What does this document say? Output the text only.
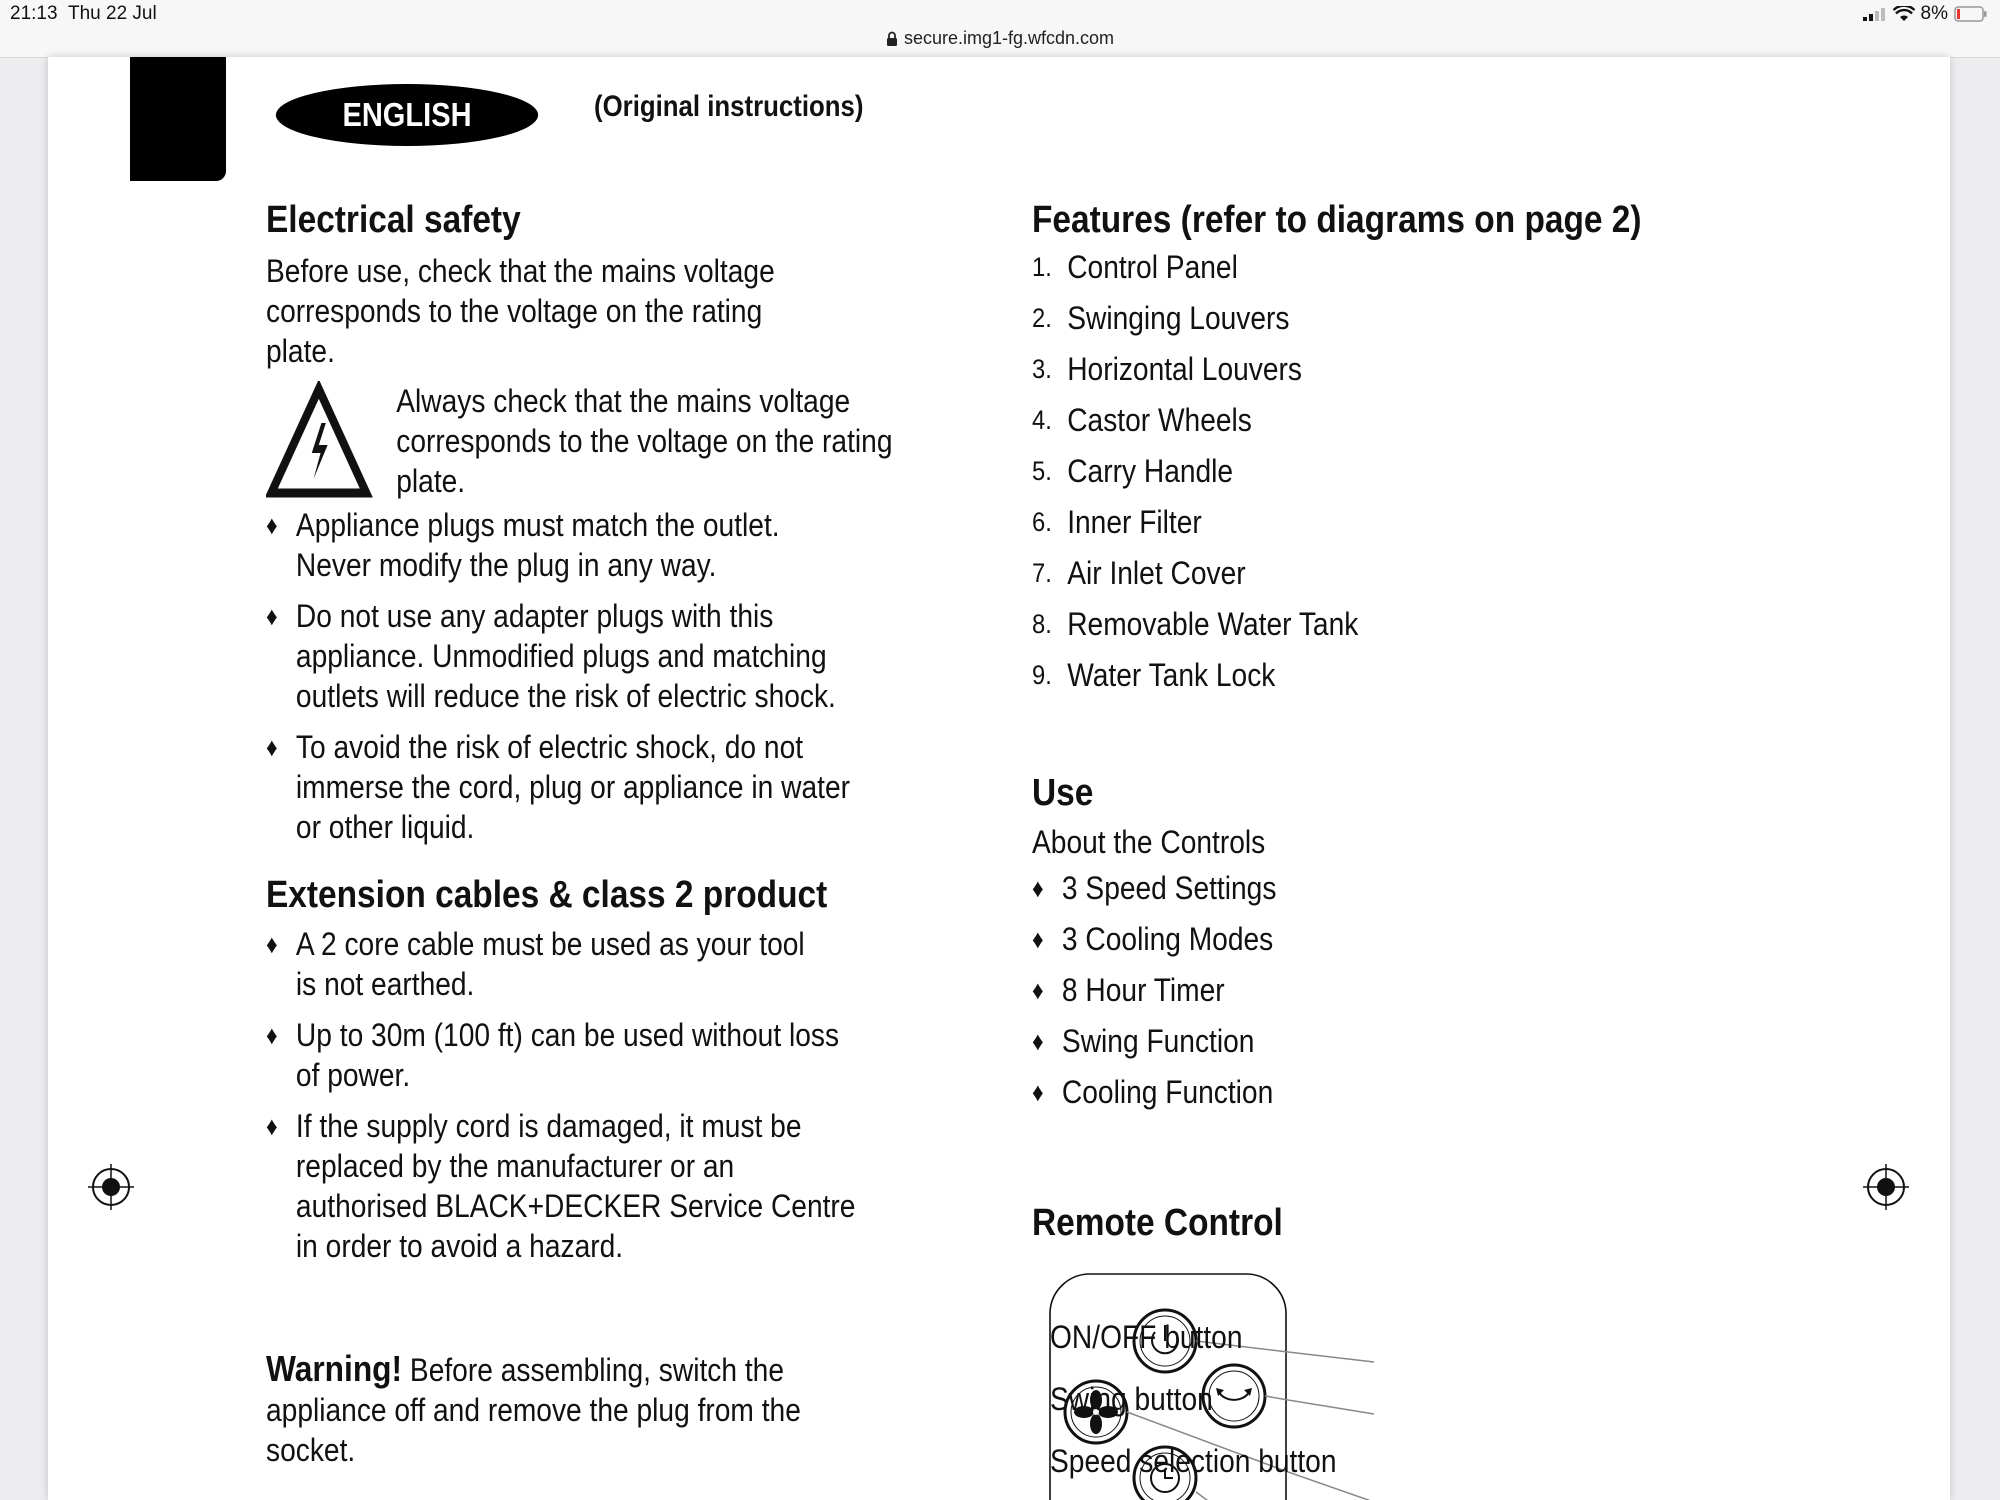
21:13 Thu 22 Jul	8%
secure.img1-fg.wfcdn.com
ENGLISH	(Original instructions)
Electrical safety

Before use, check that the mains voltage corresponds to the voltage on the rating plate.

Always check that the mains voltage corresponds to the voltage on the rating plate.

♦ Appliance plugs must match the outlet. Never modify the plug in any way.
♦ Do not use any adapter plugs with this appliance. Unmodified plugs and matching outlets will reduce the risk of electric shock.
♦ To avoid the risk of electric shock, do not immerse the cord, plug or appliance in water or other liquid.
Extension cables & class 2 product
♦ A 2 core cable must be used as your tool is not earthed.
♦ Up to 30m (100 ft) can be used without loss of power.
♦ If the supply cord is damaged, it must be replaced by the manufacturer or an authorised BLACK+DECKER Service Centre in order to avoid a hazard.

Warning! Before assembling, switch the appliance off and remove the plug from the socket.

Features (refer to diagrams on page 2)
1. Control Panel
2. Swinging Louvers
3. Horizontal Louvers
4. Castor Wheels
5. Carry Handle
6. Inner Filter
7. Air Inlet Cover
8. Removable Water Tank
9. Water Tank Lock
Use

About the Controls

♦ 3 Speed Settings
♦ 3 Cooling Modes
♦ 8 Hour Timer
♦ Swing Function
♦ Cooling Function
Remote Control
ON/OFF button
Swing button
Speed selection button
